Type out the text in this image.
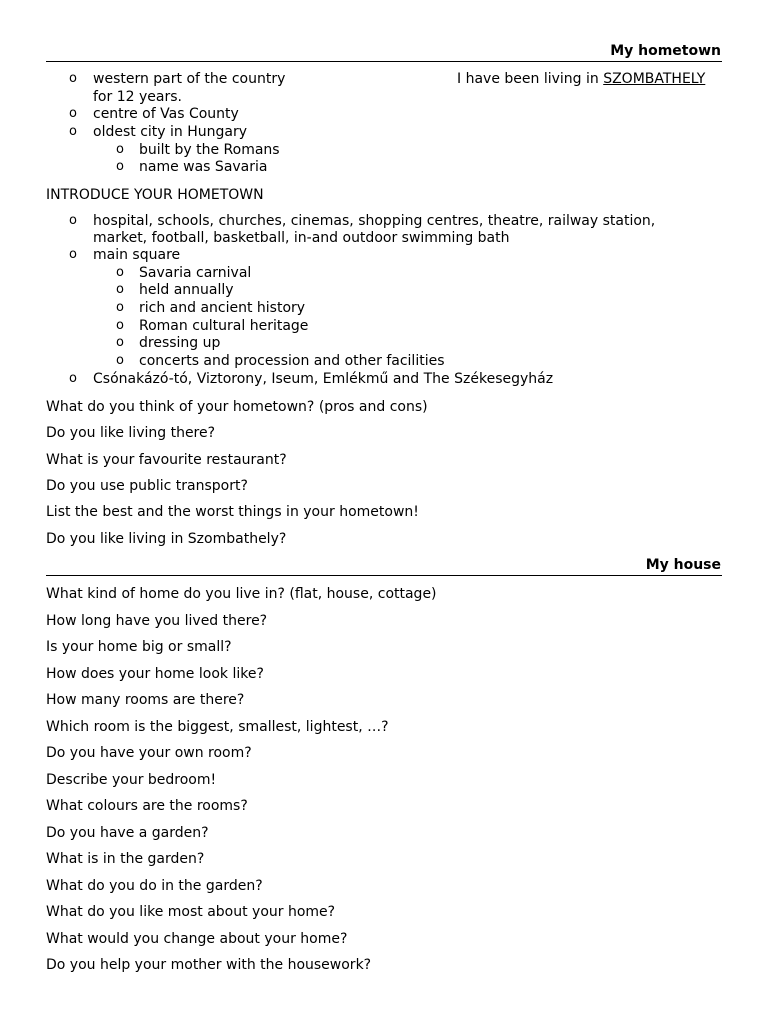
My hometown
I have been living in SZOMBATHELY
o western part of the country
for 12 years.
o centre of Vas County
o oldest city in Hungary
o built by the Romans
o name was Savaria
INTRODUCE YOUR HOMETOWN
o hospital, schools, churches, cinemas, shopping centres, theatre, railway station,
market, football, basketball, in-and outdoor swimming bath
o main square
o Savaria carnival
o held annually
o rich and ancient history
o Roman cultural heritage
o dressing up
o concerts and procession and other facilities
o Csónakázó-tó, Viztorony, Iseum, Emlékmű and The Székesegyház
What do you think of your hometown? (pros and cons)
Do you like living there?
What is your favourite restaurant?
Do you use public transport?
List the best and the worst things in your hometown!
Do you like living in Szombathely?
My house
What kind of home do you live in? (flat, house, cottage)
How long have you lived there?
Is your home big or small?
How does your home look like?
How many rooms are there?
Which room is the biggest, smallest, lightest, …?
Do you have your own room?
Describe your bedroom!
What colours are the rooms?
Do you have a garden?
What is in the garden?
What do you do in the garden?
What do you like most about your home?
What would you change about your home?
Do you help your mother with the housework?
